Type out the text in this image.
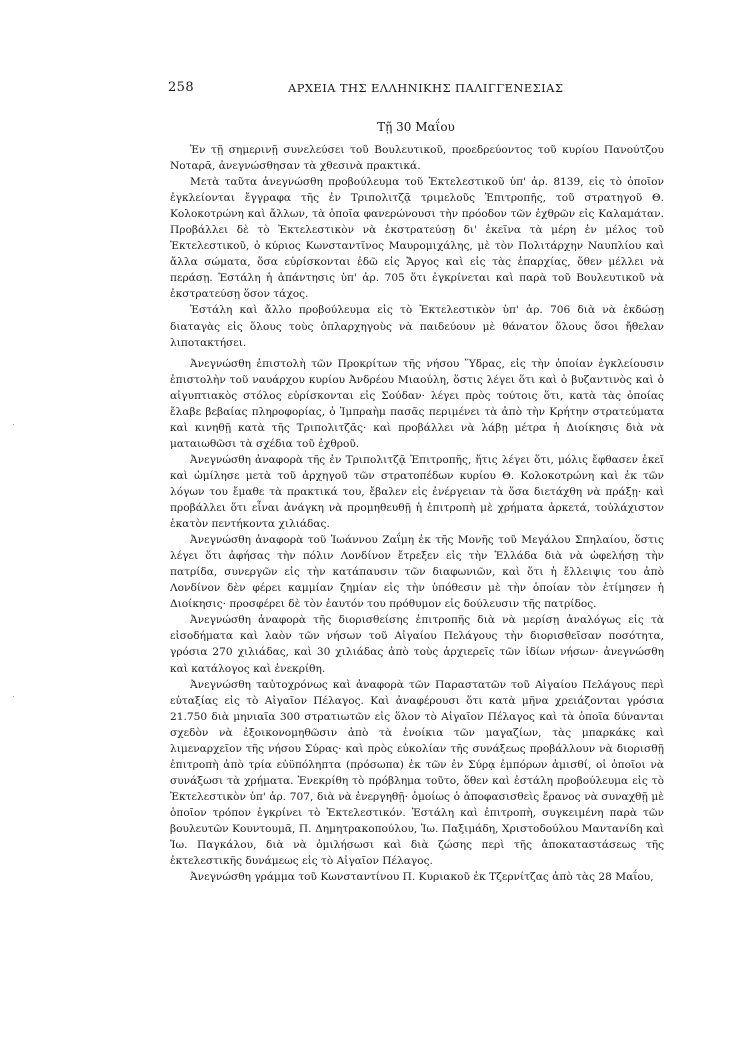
258	ΑΡΧΕΙΑ ΤΗΣ ΕΛΛΗΝΙΚΗΣ ΠΑΛΙΓΓΕΝΕΣΙΑΣ
Τῇ 30 Μαΐου

Ἐν τῇ σημερινῇ συνελεύσει τοῦ Βουλευτικοῦ, προεδρεύοντος τοῦ κυρίου Πανούτζου Νοταρᾶ, ἀνεγνώσθησαν τὰ χθεσινὰ πρακτικά.

Μετὰ ταῦτα ἀνεγνώσθη προβούλευμα τοῦ Ἐκτελεστικοῦ ὑπ' ἀρ. 8139, εἰς τὸ ὁποῖον ἐγκλείονται ἔγγραφα τῆς ἐν Τριπολιτζᾷ τριμελοῦς Ἐπιτροπῆς, τοῦ στρατηγοῦ Θ. Κολοκοτρώνη καὶ ἄλλων, τὰ ὁποῖα φανερώνουσι τὴν πρόοδον τῶν ἐχθρῶν εἰς Καλαμάταν. Προβάλλει δὲ τὸ Ἐκτελεστικὸν νὰ ἐκστρατεύσῃ δι' ἐκεῖνα τὰ μέρη ἐν μέλος τοῦ Ἐκτελεστικοῦ, ὁ κύριος Κωνσταντῖνος Μαυρομιχάλης, μὲ τὸν Πολιτάρχην Ναυπλίου καὶ ἄλλα σώματα, ὅσα εὑρίσκονται ἐδῶ εἰς Ἄργος καὶ εἰς τὰς ἐπαρχίας, ὅθεν μέλλει νὰ περάσῃ. Ἐστάλη ἡ ἀπάντησις ὑπ' ἀρ. 705 ὅτι ἐγκρίνεται καὶ παρὰ τοῦ Βουλευτικοῦ νὰ ἐκστρατεύσῃ ὅσον τάχος.

Ἐστάλη καὶ ἄλλο προβούλευμα εἰς τὸ Ἐκτελεστικὸν ὑπ' ἀρ. 706 διὰ νὰ ἐκδώσῃ διαταγὰς εἰς ὅλους τοὺς ὁπλαρχηγοὺς νὰ παιδεύουν μὲ θάνατον ὅλους ὅσοι ἤθελαν λιποτακτήσει.

Ἀνεγνώσθη ἐπιστολὴ τῶν Προκρίτων τῆς νήσου Ὕδρας, εἰς τὴν ὁποίαν ἐγκλείουσιν ἐπιστολὴν τοῦ ναυάρχου κυρίου Ἀνδρέου Μιαούλη, ὅστις λέγει ὅτι καὶ ὁ βυζαντινὸς καὶ ὁ αἰγυπτιακὸς στόλος εὑρίσκονται εἰς Σούδαν· λέγει πρὸς τούτοις ὅτι, κατὰ τὰς ὁποίας ἔλαβε βεβαίας πληροφορίας, ὁ Ἰμπραὴμ πασᾶς περιμένει τὰ ἀπὸ τὴν Κρήτην στρατεύματα καὶ κινηθῇ κατὰ τῆς Τριπολιτζᾶς· καὶ προβάλλει νὰ λάβῃ μέτρα ἡ Διοίκησις διὰ νὰ ματαιωθῶσι τὰ σχέδια τοῦ ἐχθροῦ.

Ἀνεγνώσθη ἀναφορὰ τῆς ἐν Τριπολιτζᾷ Ἐπιτροπῆς, ἥτις λέγει ὅτι, μόλις ἔφθασεν ἐκεῖ καὶ ὡμίλησε μετὰ τοῦ ἀρχηγοῦ τῶν στρατοπέδων κυρίου Θ. Κολοκοτρώνη καὶ ἐκ τῶν λόγων του ἔμαθε τὰ πρακτικά του, ἔβαλεν εἰς ἐνέργειαν τὰ ὅσα διετάχθη νὰ πράξῃ· καὶ προβάλλει ὅτι εἶναι ἀνάγκη νὰ προμηθευθῇ ἡ ἐπιτροπὴ μὲ χρήματα ἀρκετά, τοὐλάχιστον ἑκατὸν πεντήκοντα χιλιάδας.

Ἀνεγνώσθη ἀναφορὰ τοῦ Ἰωάννου Ζαΐμη ἐκ τῆς Μονῆς τοῦ Μεγάλου Σπηλαίου, ὅστις λέγει ὅτι ἀφήσας τὴν πόλιν Λονδίνον ἔτρεξεν εἰς τὴν Ἑλλάδα διὰ νὰ ὠφελήσῃ τὴν πατρίδα, συνεργῶν εἰς τὴν κατάπαυσιν τῶν διαφωνιῶν, καὶ ὅτι ἡ ἔλλειψις του ἀπὸ Λονδίνον δὲν φέρει καμμίαν ζημίαν εἰς τὴν ὑπόθεσιν μὲ τὴν ὁποίαν τὸν ἐτίμησεν ἡ Διοίκησις· προσφέρει δὲ τὸν ἑαυτόν του πρόθυμον εἰς δούλευσιν τῆς πατρίδος.

Ἀνεγνώσθη ἀναφορὰ τῆς διορισθείσης ἐπιτροπῆς διὰ νὰ μερίσῃ ἀναλόγως εἰς τὰ εἰσοδήματα καὶ λαὸν τῶν νήσων τοῦ Αἰγαίου Πελάγους τὴν διορισθεῖσαν ποσότητα, γρόσια 270 χιλιάδας, καὶ 30 χιλιάδας ἀπὸ τοὺς ἀρχιερεῖς τῶν ἰδίων νήσων· ἀνεγνώσθη καὶ κατάλογος καὶ ἐνεκρίθη.

Ἀνεγνώσθη ταὐτοχρόνως καὶ ἀναφορὰ τῶν Παραστατῶν τοῦ Αἰγαίου Πελάγους περὶ εὐταξίας εἰς τὸ Αἰγαῖον Πέλαγος. Καὶ ἀναφέρουσι ὅτι κατὰ μῆνα χρειάζονται γρόσια 21.750 διὰ μηνιαῖα 300 στρατιωτῶν εἰς ὅλον τὸ Αἰγαῖον Πέλαγος καὶ τὰ ὁποῖα δύνανται σχεδὸν νὰ ἐξοικονομηθῶσιν ἀπὸ τὰ ἐνοίκια τῶν μαγαζίων, τὰς μπαρκάκς καὶ λιμεναρχεῖον τῆς νήσου Σύρας· καὶ πρὸς εὐκολίαν τῆς συνάξεως προβάλλουν νὰ διορισθῇ ἐπιτροπὴ ἀπὸ τρία εὐϋπόληπτα (πρόσωπα) ἐκ τῶν ἐν Σύρᾳ ἐμπόρων ἀμισθί, οἱ ὁποῖοι νὰ συνάξωσι τὰ χρήματα. Ἐνεκρίθη τὸ πρόβλημα τοῦτο, ὅθεν καὶ ἐστάλη προβούλευμα εἰς τὸ Ἐκτελεστικὸν ὑπ' ἀρ. 707, διὰ νὰ ἐνεργηθῇ· ὁμοίως ὁ ἀποφασισθεὶς ἔρανος νὰ συναχθῇ μὲ ὁποῖον τρόπον ἐγκρίνει τὸ Ἐκτελεστικόν. Ἐστάλη καὶ ἐπιτροπὴ, συγκειμένη παρὰ τῶν βουλευτῶν Κουντουμᾶ, Π. Δημητρακοπούλου, Ἰω. Παξιμάδη, Χριστοδούλου Μαντανίδη καὶ Ἰω. Παγκάλου, διὰ νὰ ὁμιλήσωσι καὶ διὰ ζώσης περὶ τῆς ἀποκαταστάσεως τῆς ἐκτελεστικῆς δυνάμεως εἰς τὸ Αἰγαῖον Πέλαγος.

Ἀνεγνώσθη γράμμα τοῦ Κωνσταντίνου Π. Κυριακοῦ ἐκ Τζερνίτζας ἀπὸ τὰς 28 Μαΐου,

.
.
